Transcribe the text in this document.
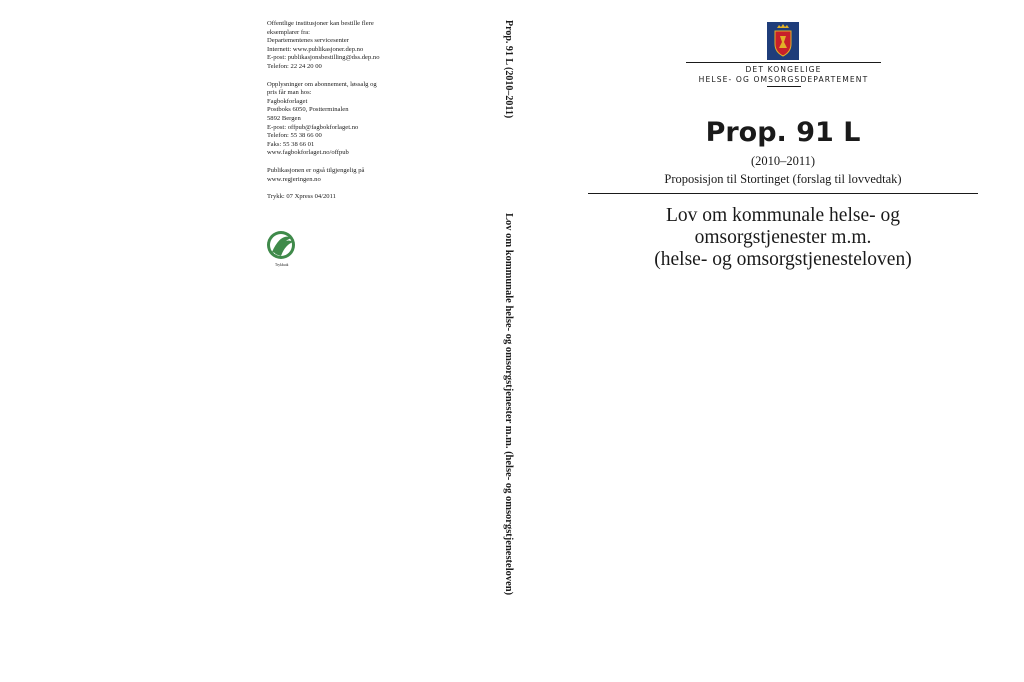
Offentlige institusjoner kan bestille flere
eksemplarer fra:
Departementenes servicesenter
Internett: www.publikasjoner.dep.no
E-post: publikasjonsbestilling@dss.dep.no
Telefon: 22 24 20 00
Opplysninger om abonnement, løssalg og
pris får man hos:
Fagbokforlaget
Postboks 6050, Postterminalen
5892 Bergen
E-post: offpub@fagbokforlaget.no
Telefon: 55 38 66 00
Faks: 55 38 66 01
www.fagbokforlaget.no/offpub
Publikasjonen er også tilgjengelig på
www.regjeringen.no
Trykk: 07 Xpress 04/2011
Trykksak
Prop. 91 L (2010–2011)
Lov om kommunale helse- og omsorgstjenester m.m. (helse- og omsorgstjenesteloven)
DET KONGELIGE
HELSE- OG OMSORGSDEPARTEMENT
Prop. 91 L
(2010–2011)
Proposisjon til Stortinget (forslag til lovvedtak)
Lov om kommunale helse- og
omsorgstjenester m.m.
(helse- og omsorgstjenesteloven)
